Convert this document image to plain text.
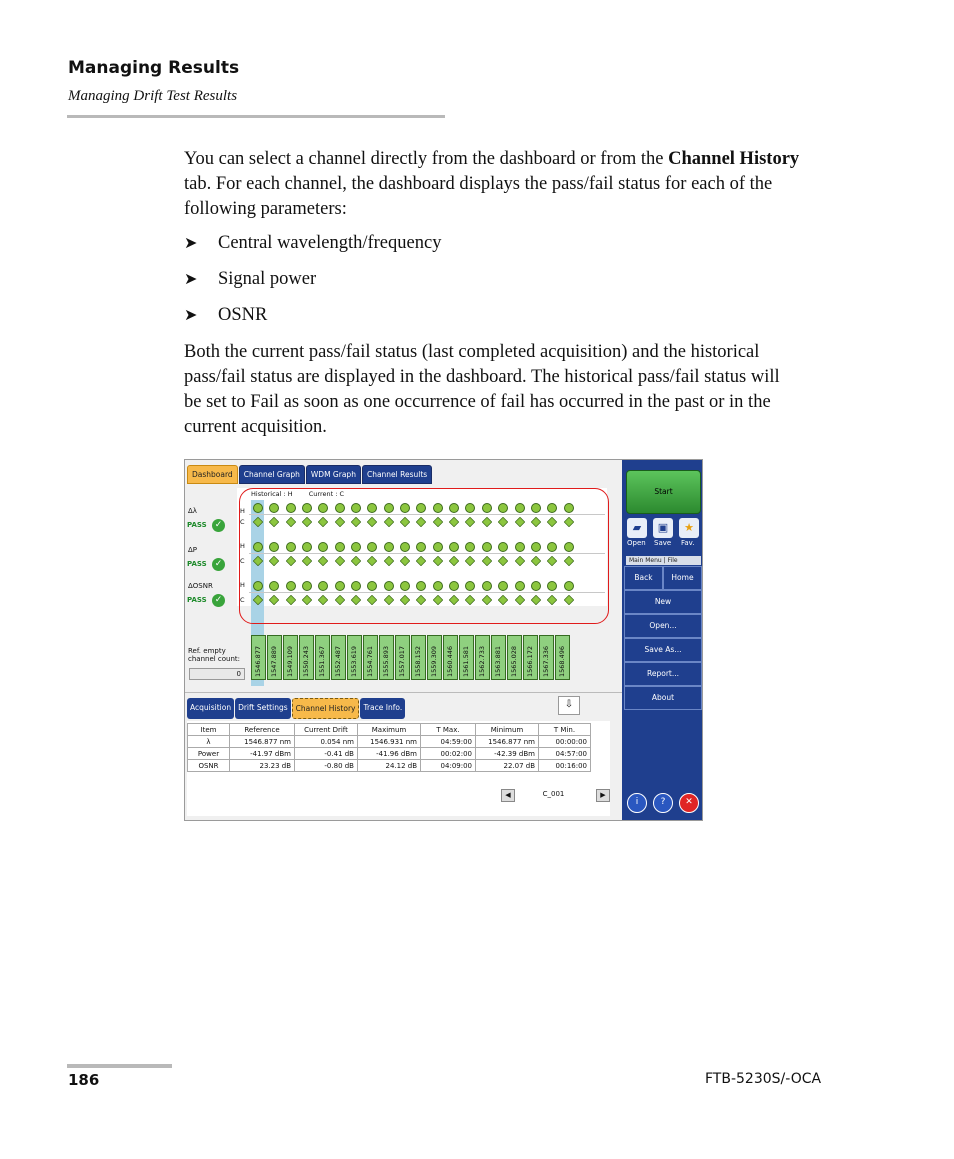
Managing Results
Managing Drift Test Results
You can select a channel directly from the dashboard or from the Channel History tab. For each channel, the dashboard displays the pass/fail status for each of the following parameters:
➤ Central wavelength/frequency
➤ Signal power
➤ OSNR
Both the current pass/fail status (last completed acquisition) and the historical pass/fail status are displayed in the dashboard. The historical pass/fail status will be set to Fail as soon as one occurrence of fail has occurred in the past or in the current acquisition.
Dashboard	Channel Graph	WDM Graph	Channel Results
Historical : H Current : C
Δλ
PASS ✓
ΔP
PASS ✓
ΔOSNR
PASS ✓
H
C
H
C
H
C
Ref. empty channel count:
0	1546.877 1547.889 1549.109 1550.243 1551.367 1552.487 1553.619 1554.761 1555.893 1557.017 1558.152 1559.309 1560.446 1561.581 1562.733 1563.881 1565.028 1566.172 1567.336 1568.496
Acquisition Drift Settings	Channel History	Trace Info.	⇩
Item	Reference	Current Drift	Maximum	T Max.	Minimum	T Min.
λ	1546.877 nm	0.054 nm	1546.931 nm	04:59:00	1546.877 nm	00:00:00
Power	-41.97 dBm	-0.41 dB	-41.96 dBm	00:02:00	-42.39 dBm	04:57:00
OSNR	23.23 dB	-0.80 dB	24.12 dB	04:09:00	22.07 dB	00:16:00
◀	C_001	▶
Start
▰	▣	★
Open Save Fav.
Main Menu | File
Back	Home
New
Open...
Save As...
Report...
About
i	?	✕
186	FTB-5230S/-OCA
